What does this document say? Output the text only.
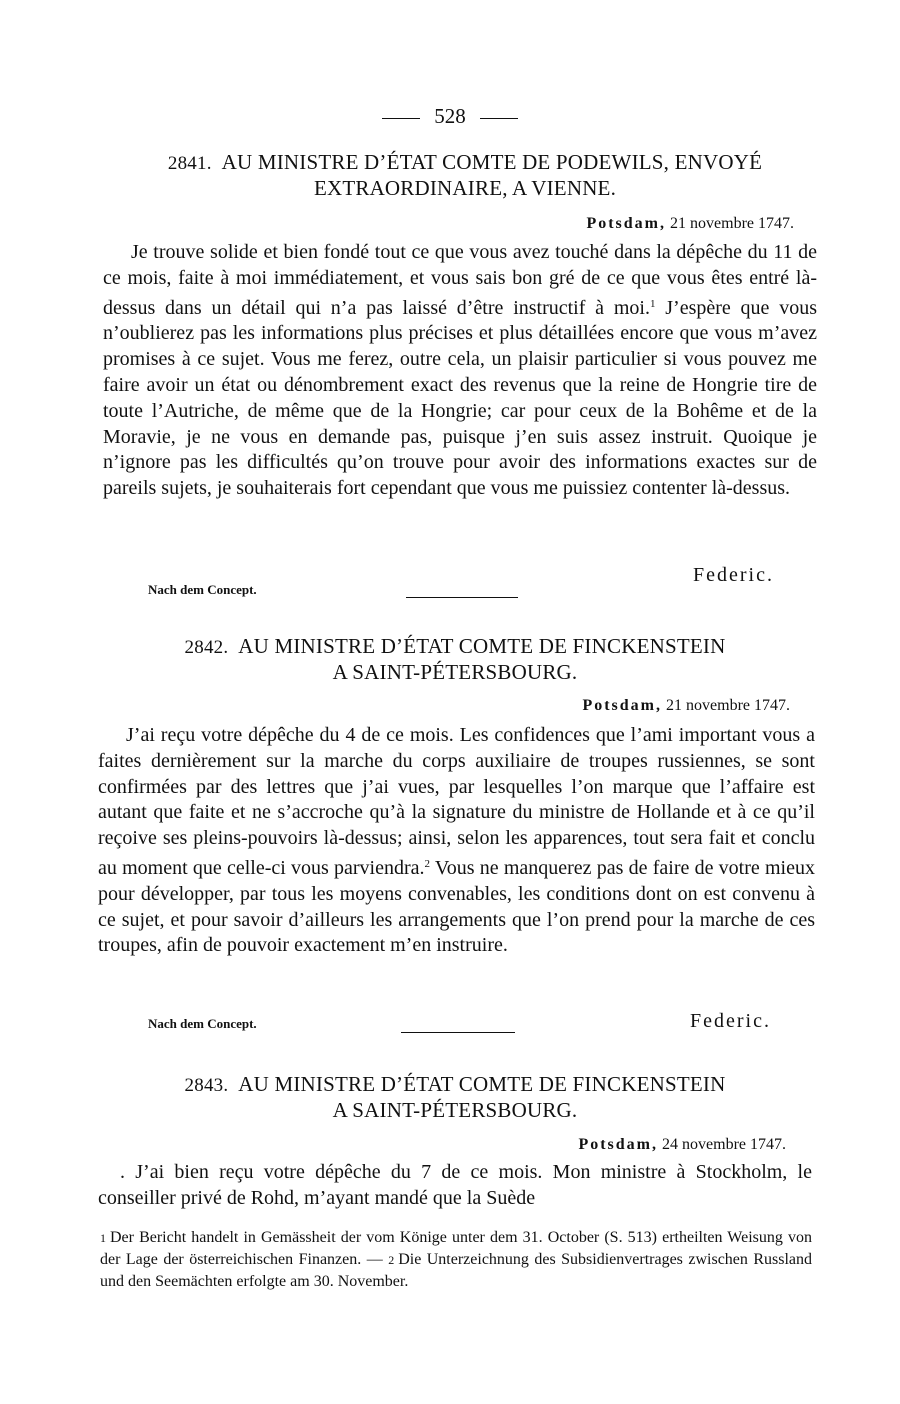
528
2841. AU MINISTRE D’ÉTAT COMTE DE PODEWILS, ENVOYÉ
EXTRAORDINAIRE, A VIENNE.
Potsdam, 21 novembre 1747.

Je trouve solide et bien fondé tout ce que vous avez touché dans la dépêche du 11 de ce mois, faite à moi immédiatement, et vous sais bon gré de ce que vous êtes entré là-dessus dans un détail qui n’a pas laissé d’être instructif à moi.$^1$ J’espère que vous n’oublierez pas les informations plus précises et plus détaillées encore que vous m’avez promises à ce sujet. Vous me ferez, outre cela, un plaisir particulier si vous pouvez me faire avoir un état ou dénombrement exact des revenus que la reine de Hongrie tire de toute l’Autriche, de même que de la Hongrie; car pour ceux de la Bohême et de la Moravie, je ne vous en demande pas, puisque j’en suis assez instruit. Quoique je n’ignore pas les difficultés qu’on trouve pour avoir des informations exactes sur de pareils sujets, je souhaiterais fort cependant que vous me puissiez contenter là-dessus.

Nach dem Concept.
Federic.
2842. AU MINISTRE D’ÉTAT COMTE DE FINCKENSTEIN
A SAINT-PÉTERSBOURG.
Potsdam, 21 novembre 1747.

J’ai reçu votre dépêche du 4 de ce mois. Les confidences que l’ami important vous a faites dernièrement sur la marche du corps auxiliaire de troupes russiennes, se sont confirmées par des lettres que j’ai vues, par lesquelles l’on marque que l’affaire est autant que faite et ne s’accroche qu’à la signature du ministre de Hollande et à ce qu’il reçoive ses pleins-pouvoirs là-dessus; ainsi, selon les apparences, tout sera fait et conclu au moment que celle-ci vous parviendra.$^2$ Vous ne manquerez pas de faire de votre mieux pour développer, par tous les moyens convenables, les conditions dont on est convenu à ce sujet, et pour savoir d’ailleurs les arrangements que l’on prend pour la marche de ces troupes, afin de pouvoir exactement m’en instruire.

Nach dem Concept.	Federic.
2843. AU MINISTRE D’ÉTAT COMTE DE FINCKENSTEIN
A SAINT-PÉTERSBOURG.
Potsdam, 24 novembre 1747.

. J’ai bien reçu votre dépêche du 7 de ce mois. Mon ministre à Stockholm, le conseiller privé de Rohd, m’ayant mandé que la Suède

1 Der Bericht handelt in Gemässheit der vom Könige unter dem 31. October (S. 513) ertheilten Weisung von der Lage der österreichischen Finanzen. — 2 Die Unterzeichnung des Subsidienvertrages zwischen Russland und den Seemächten erfolgte am 30. November.
